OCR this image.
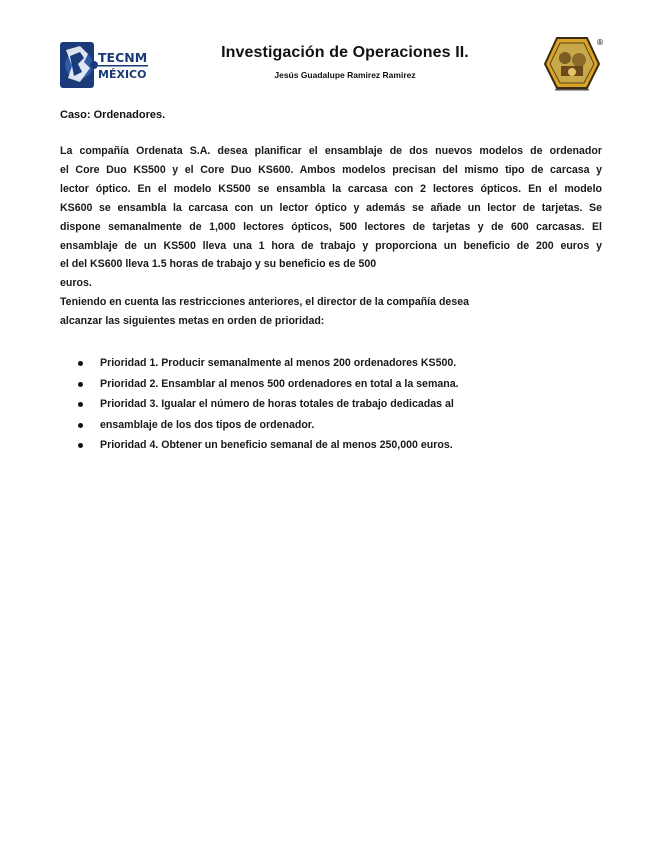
TECNM
MÉXICO
Investigación de Operaciones II.
Jesús Guadalupe Ramirez Ramirez
®
Caso: Ordenadores.
La compañía Ordenata S.A. desea planificar el ensamblaje de dos nuevos modelos de ordenador
el Core Duo KS500 y el Core Duo KS600. Ambos modelos precisan del mismo tipo de carcasa y
lector óptico. En el modelo KS500 se ensambla la carcasa con 2 lectores ópticos. En el modelo
KS600 se ensambla la carcasa con un lector óptico y además se añade un lector de tarjetas. Se
dispone semanalmente de 1,000 lectores ópticos, 500 lectores de tarjetas y de 600 carcasas. El
ensamblaje de un KS500 lleva una 1 hora de trabajo y proporciona un beneficio de 200 euros y
el del KS600 lleva 1.5 horas de trabajo y su beneficio es de 500
euros.
Teniendo en cuenta las restricciones anteriores, el director de la compañía desea
alcanzar las siguientes metas en orden de prioridad:
Prioridad 1. Producir semanalmente al menos 200 ordenadores KS500.
Prioridad 2. Ensamblar al menos 500 ordenadores en total a la semana.
Prioridad 3. Igualar el número de horas totales de trabajo dedicadas al
ensamblaje de los dos tipos de ordenador.
Prioridad 4. Obtener un beneficio semanal de al menos 250,000 euros.
